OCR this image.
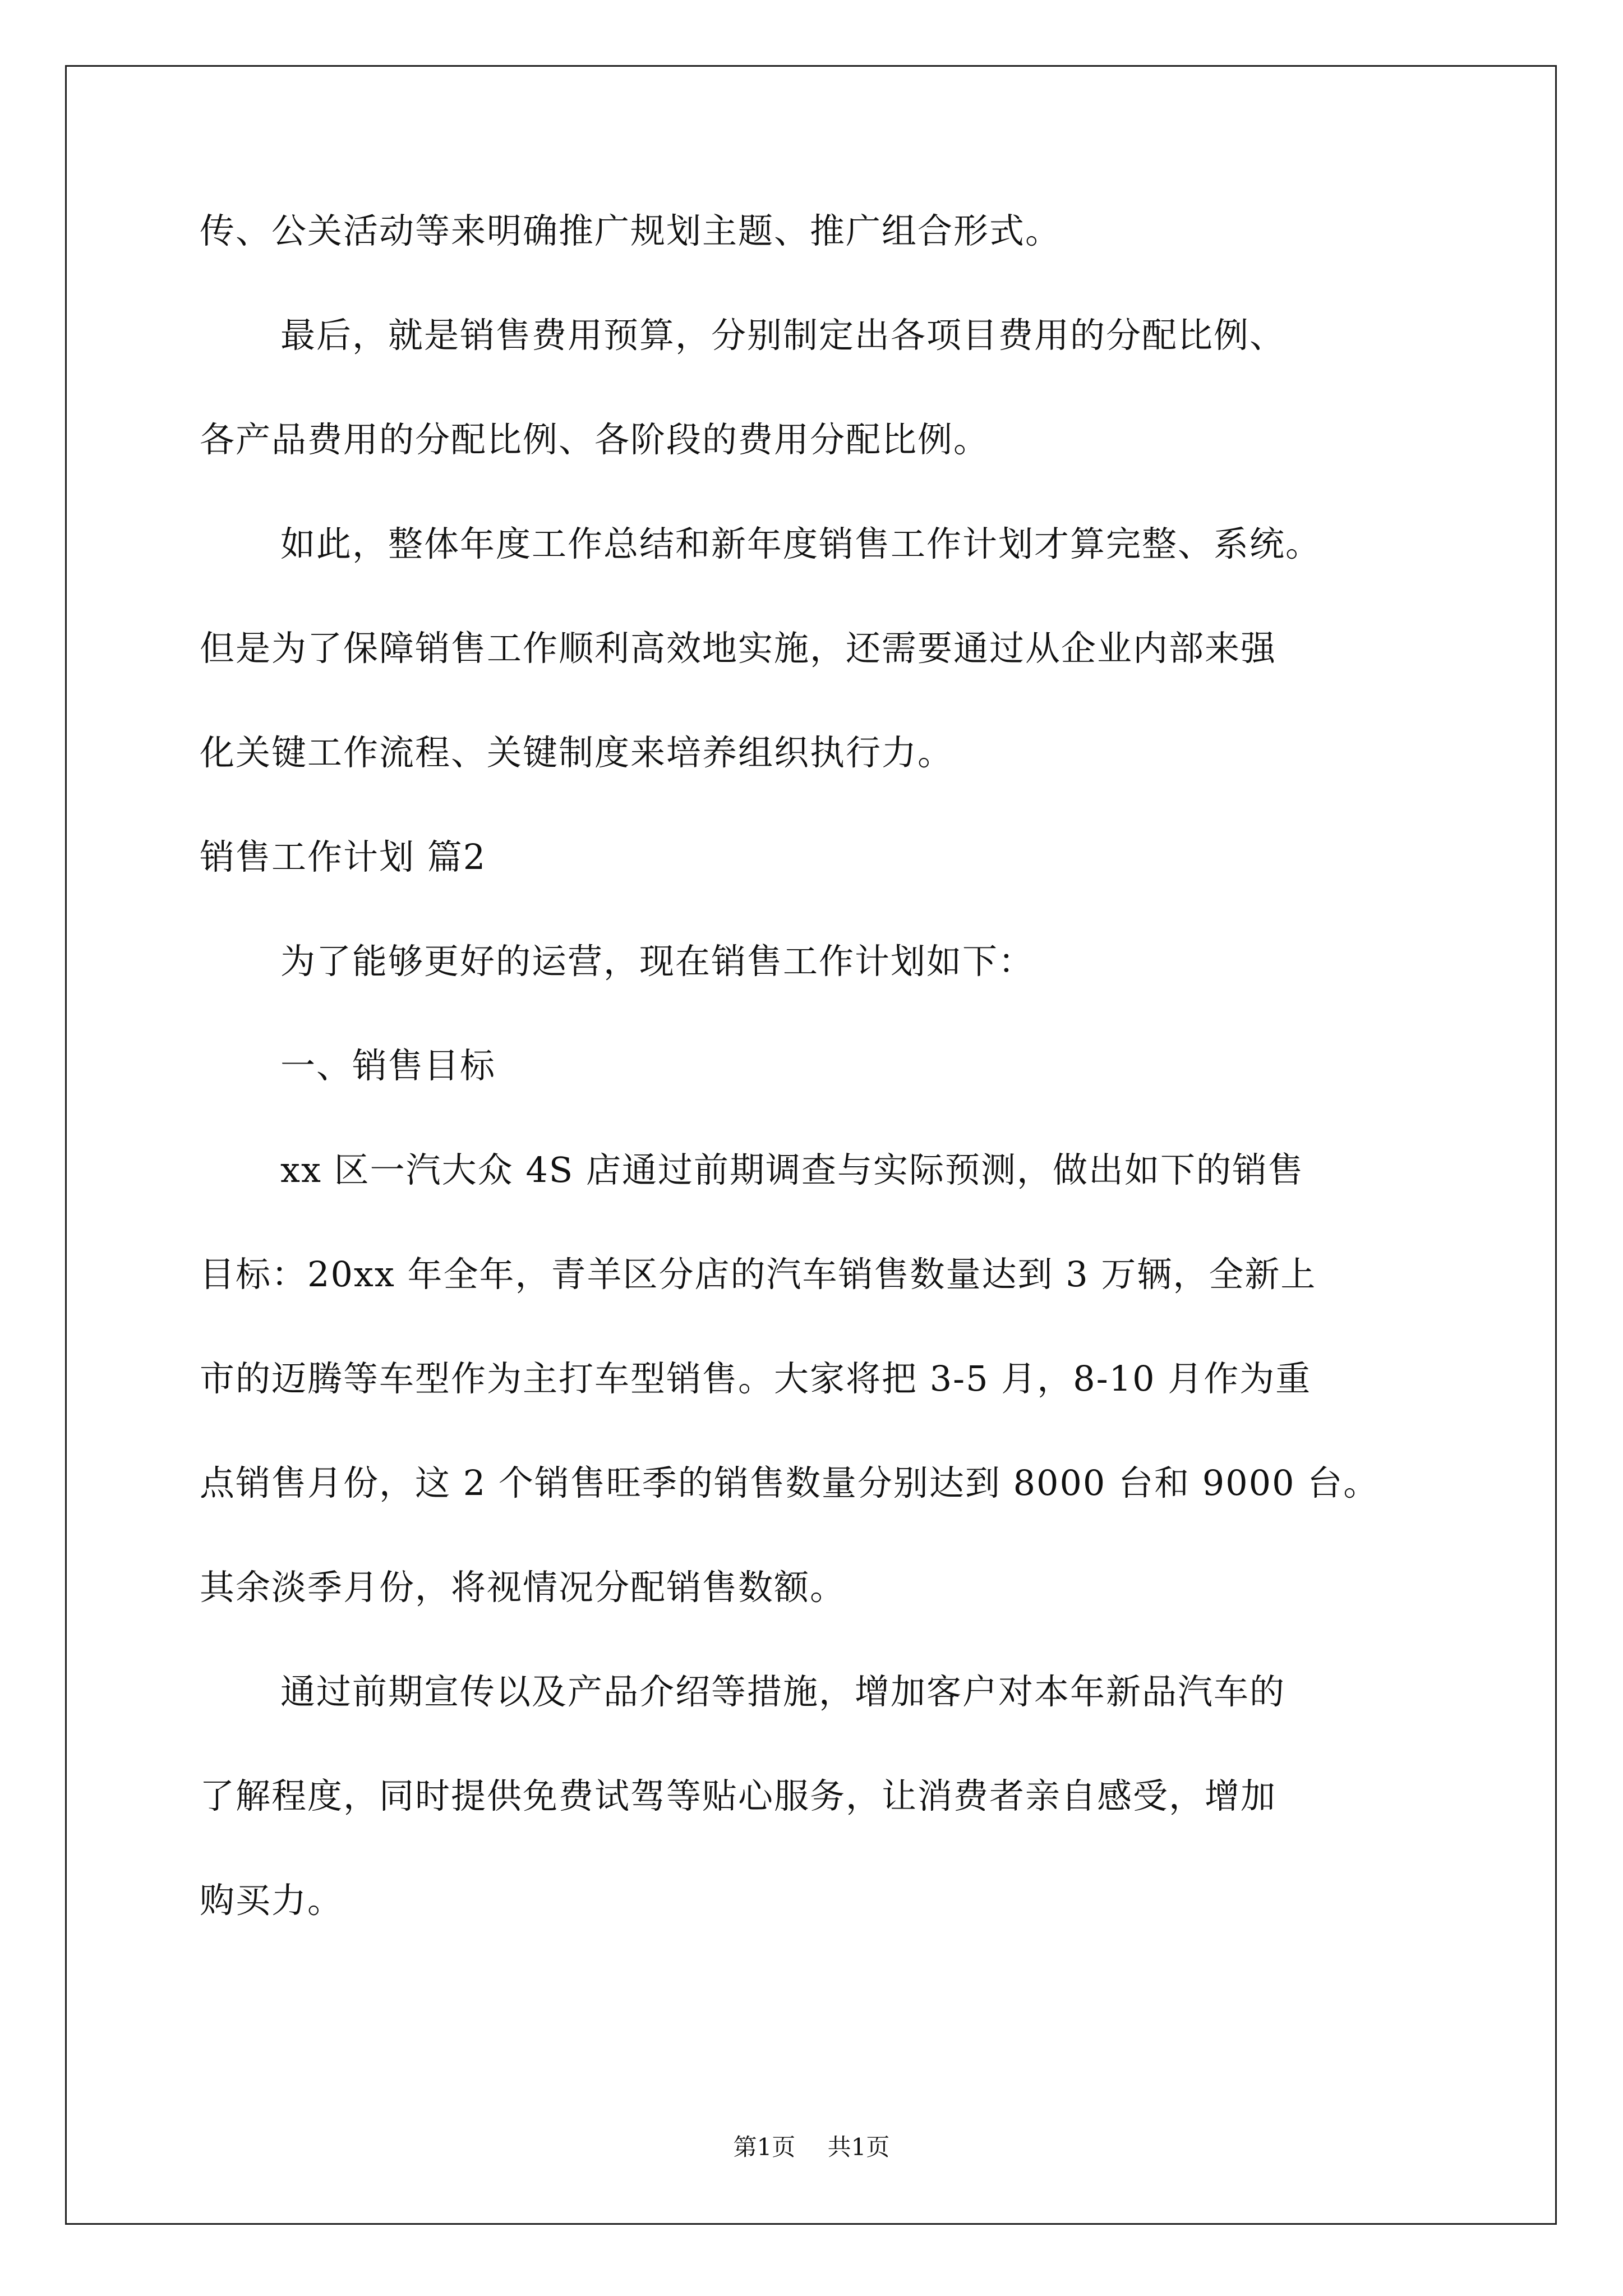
传、公关活动等来明确推广规划主题、推广组合形式。
最后，就是销售费用预算，分别制定出各项目费用的分配比例、
各产品费用的分配比例、各阶段的费用分配比例。
如此，整体年度工作总结和新年度销售工作计划才算完整、系统。
但是为了保障销售工作顺利高效地实施，还需要通过从企业内部来强
化关键工作流程、关键制度来培养组织执行力。
销售工作计划 篇2
为了能够更好的运营，现在销售工作计划如下：
一、销售目标
xx 区一汽大众 4S 店通过前期调查与实际预测，做出如下的销售
目标：20xx 年全年，青羊区分店的汽车销售数量达到 3 万辆，全新上
市的迈腾等车型作为主打车型销售。大家将把 3-5 月，8-10 月作为重
点销售月份，这 2 个销售旺季的销售数量分别达到 8000 台和 9000 台。
其余淡季月份，将视情况分配销售数额。
通过前期宣传以及产品介绍等措施，增加客户对本年新品汽车的
了解程度，同时提供免费试驾等贴心服务，让消费者亲自感受，增加
购买力。
第1页 共1页
